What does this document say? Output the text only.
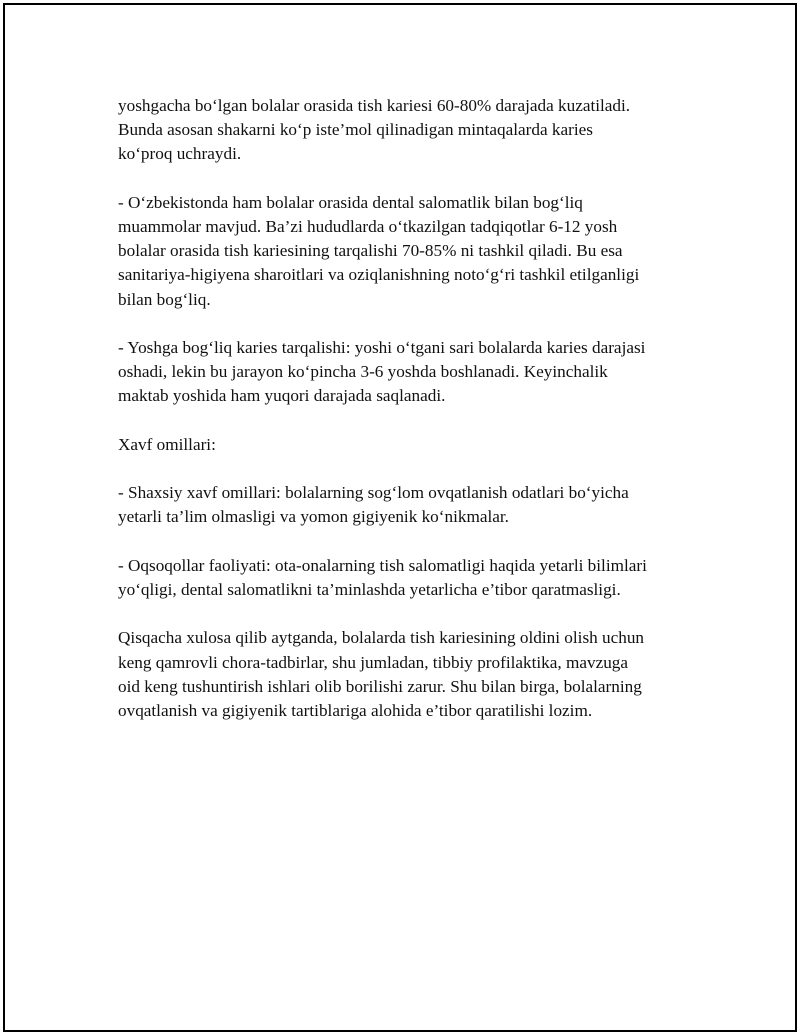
yoshgacha bo‘lgan bolalar orasida tish kariesi 60-80% darajada kuzatiladi.
Bunda asosan shakarni ko‘p iste’mol qilinadigan mintaqalarda karies
ko‘proq uchraydi.

- O‘zbekistonda ham bolalar orasida dental salomatlik bilan bog‘liq
muammolar mavjud. Ba’zi hududlarda o‘tkazilgan tadqiqotlar 6-12 yosh
bolalar orasida tish kariesining tarqalishi 70-85% ni tashkil qiladi. Bu esa
sanitariya-higiyena sharoitlari va oziqlanishning noto‘g‘ri tashkil etilganligi
bilan bog‘liq.

- Yoshga bog‘liq karies tarqalishi: yoshi o‘tgani sari bolalarda karies darajasi
oshadi, lekin bu jarayon ko‘pincha 3-6 yoshda boshlanadi. Keyinchalik
maktab yoshida ham yuqori darajada saqlanadi.

Xavf omillari:

- Shaxsiy xavf omillari: bolalarning sog‘lom ovqatlanish odatlari bo‘yicha
yetarli ta’lim olmasligi va yomon gigiyenik ko‘nikmalar.

- Oqsoqollar faoliyati: ota-onalarning tish salomatligi haqida yetarli bilimlari
yo‘qligi, dental salomatlikni ta’minlashda yetarlicha e’tibor qaratmasligi.

Qisqacha xulosa qilib aytganda, bolalarda tish kariesining oldini olish uchun
keng qamrovli chora-tadbirlar, shu jumladan, tibbiy profilaktika, mavzuga
oid keng tushuntirish ishlari olib borilishi zarur. Shu bilan birga, bolalarning
ovqatlanish va gigiyenik tartiblariga alohida e’tibor qaratilishi lozim.
